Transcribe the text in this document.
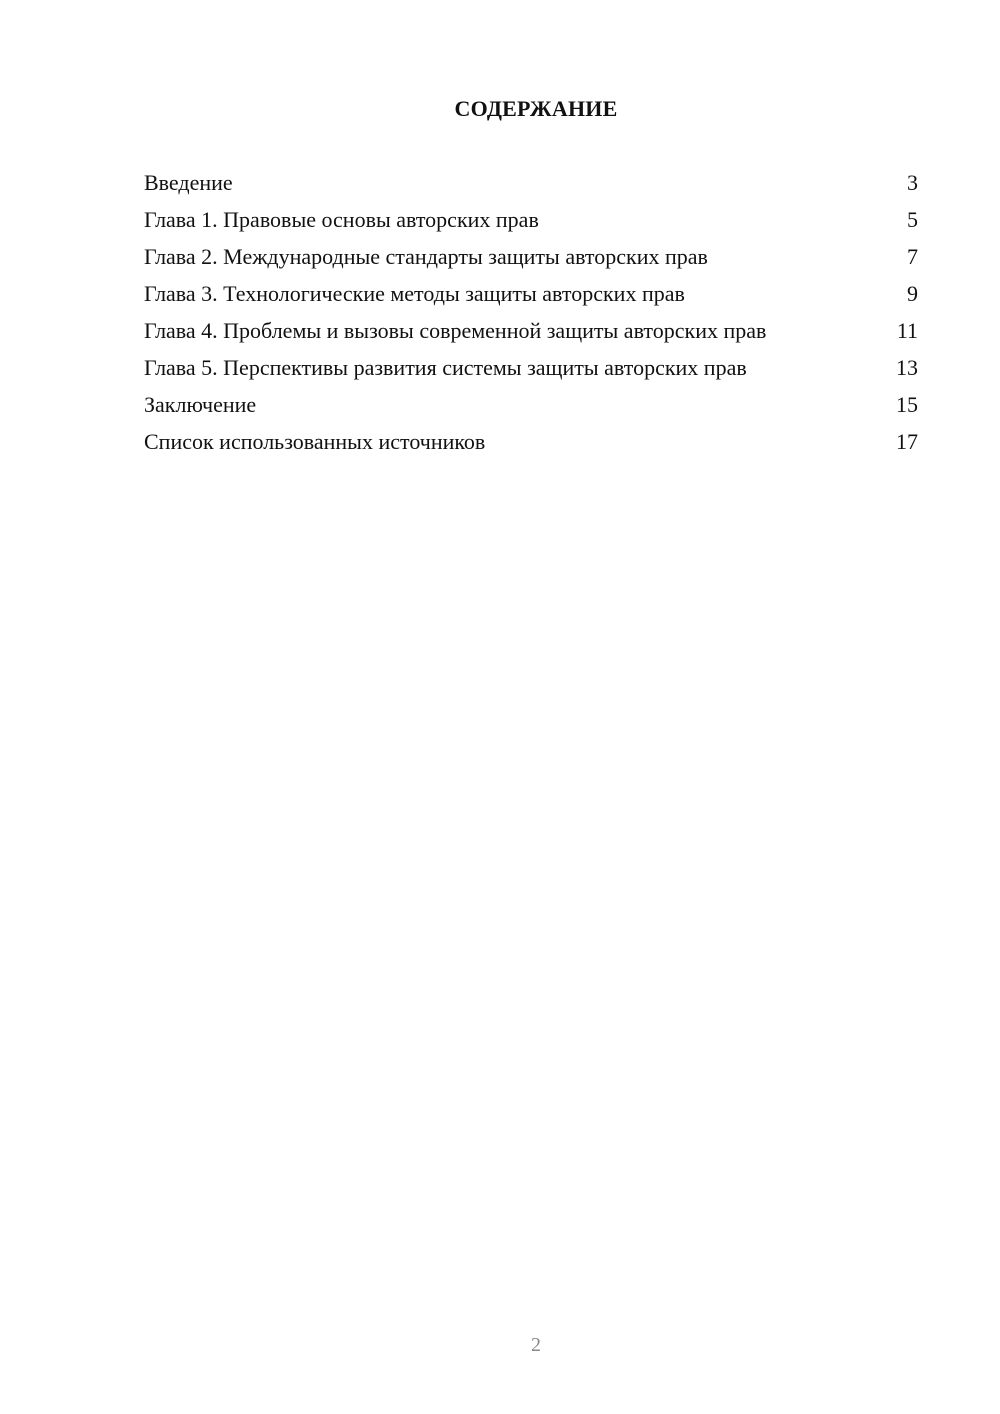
СОДЕРЖАНИЕ
Введение	3
Глава 1. Правовые основы авторских прав	5
Глава 2. Международные стандарты защиты авторских прав	7
Глава 3. Технологические методы защиты авторских прав	9
Глава 4. Проблемы и вызовы современной защиты авторских прав	11
Глава 5. Перспективы развития системы защиты авторских прав	13
Заключение	15
Список использованных источников	17
2
